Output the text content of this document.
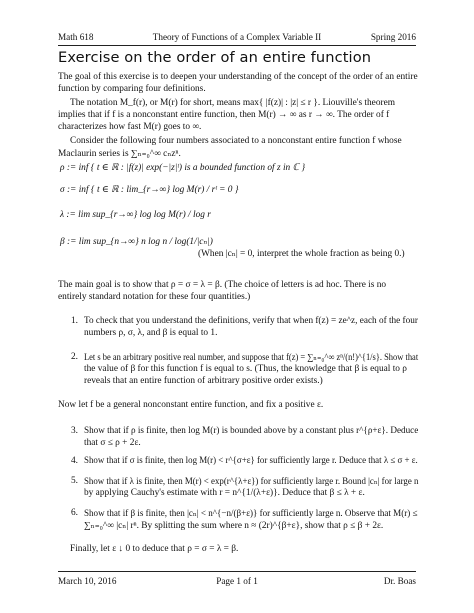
Math 618	Theory of Functions of a Complex Variable II	Spring 2016
Exercise on the order of an entire function
The goal of this exercise is to deepen your understanding of the concept of the order of an entire
function by comparing four definitions.
The notation M_f(r), or M(r) for short, means max{ |f(z)| : |z| ≤ r }. Liouville's theorem
implies that if f is a nonconstant entire function, then M(r) → ∞ as r → ∞. The order of f
characterizes how fast M(r) goes to ∞.
Consider the following four numbers associated to a nonconstant entire function f whose
Maclaurin series is ∑ₙ₌₀^∞ cₙzⁿ.
ρ := inf { t ∈ ℝ : |f(z)| exp(−|z|ᵗ) is a bounded function of z in ℂ }
σ := inf { t ∈ ℝ : lim_{r→∞} log M(r) / rᵗ = 0 }
λ := lim sup_{r→∞} log log M(r) / log r
β := lim sup_{n→∞} n log n / log(1/|cₙ|)
(When |cₙ| = 0, interpret the whole fraction as being 0.)
The main goal is to show that ρ = σ = λ = β. (The choice of letters is ad hoc. There is no
entirely standard notation for these four quantities.)
1. To check that you understand the definitions, verify that when f(z) = ze^z, each of the four
numbers ρ, σ, λ, and β is equal to 1.
2. Let s be an arbitrary positive real number, and suppose that f(z) = ∑ₙ₌₀^∞ zⁿ/(n!)^{1/s}. Show that
the value of β for this function f is equal to s. (Thus, the knowledge that β is equal to ρ
reveals that an entire function of arbitrary positive order exists.)
Now let f be a general nonconstant entire function, and fix a positive ε.
3. Show that if ρ is finite, then log M(r) is bounded above by a constant plus r^{ρ+ε}. Deduce
that σ ≤ ρ + 2ε.
4. Show that if σ is finite, then log M(r) < r^{σ+ε} for sufficiently large r. Deduce that λ ≤ σ + ε.
5. Show that if λ is finite, then M(r) < exp(r^{λ+ε}) for sufficiently large r. Bound |cₙ| for large n
by applying Cauchy's estimate with r = n^{1/(λ+ε)}. Deduce that β ≤ λ + ε.
6. Show that if β is finite, then |cₙ| < n^{−n/(β+ε)} for sufficiently large n. Observe that M(r) ≤
∑ₙ₌₀^∞ |cₙ| rⁿ. By splitting the sum where n ≈ (2r)^{β+ε}, show that ρ ≤ β + 2ε.
Finally, let ε ↓ 0 to deduce that ρ = σ = λ = β.
March 10, 2016	Page 1 of 1	Dr. Boas
